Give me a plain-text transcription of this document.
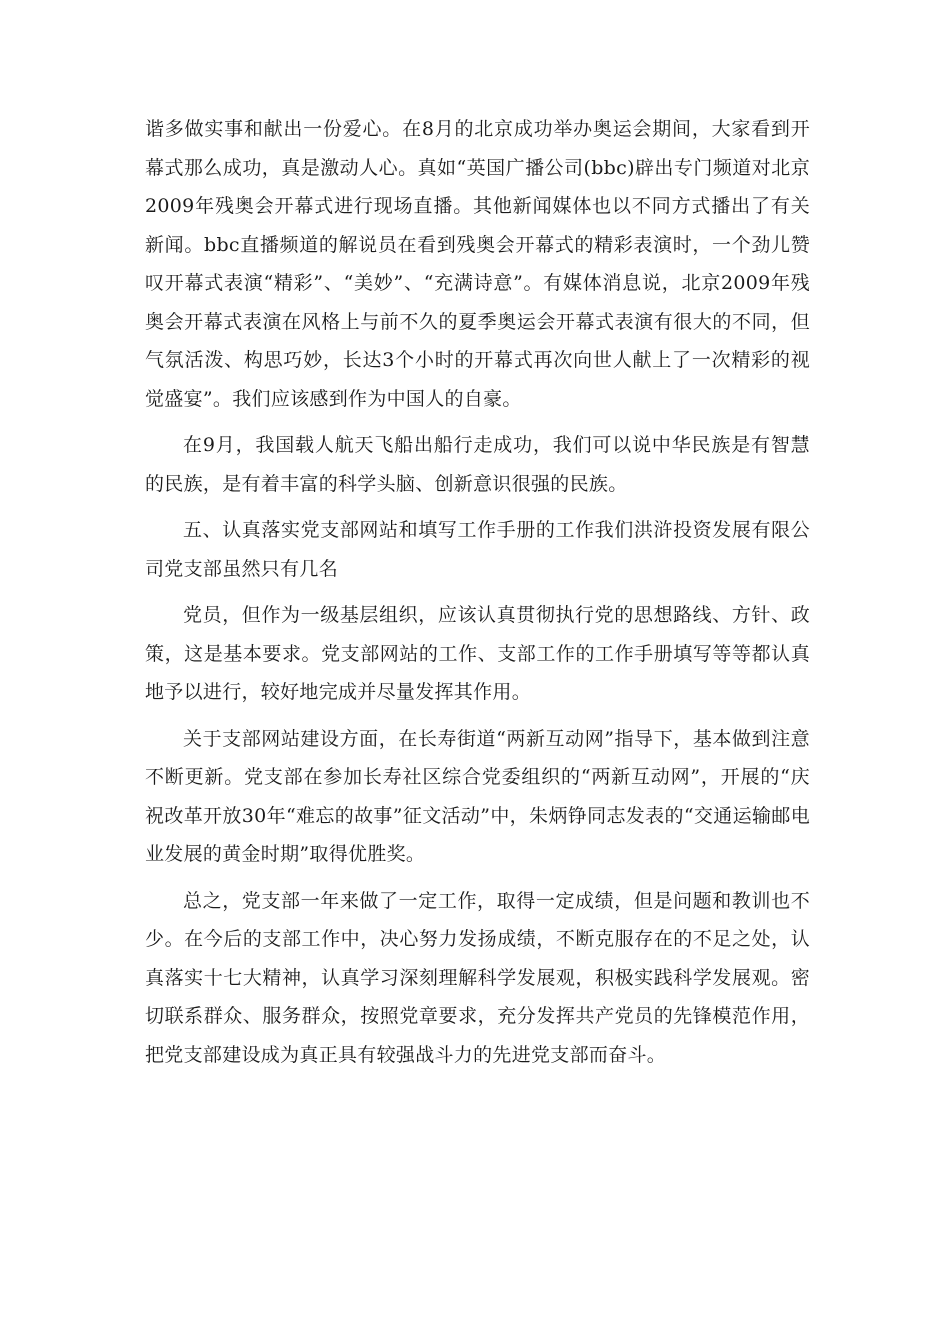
谐多做实事和献出一份爱心。在8月的北京成功举办奥运会期间，大家看到开幕式那么成功，真是激动人心。真如“英国广播公司(bbc)辟出专门频道对北京2009年残奥会开幕式进行现场直播。其他新闻媒体也以不同方式播出了有关新闻。bbc直播频道的解说员在看到残奥会开幕式的精彩表演时，一个劲儿赞叹开幕式表演“精彩”、“美妙”、“充满诗意”。有媒体消息说，北京2009年残奥会开幕式表演在风格上与前不久的夏季奥运会开幕式表演有很大的不同，但气氛活泼、构思巧妙，长达3个小时的开幕式再次向世人献上了一次精彩的视觉盛宴”。我们应该感到作为中国人的自豪。

在9月，我国载人航天飞船出船行走成功，我们可以说中华民族是有智慧的民族，是有着丰富的科学头脑、创新意识很强的民族。

五、认真落实党支部网站和填写工作手册的工作我们洪浒投资发展有限公司党支部虽然只有几名

党员，但作为一级基层组织，应该认真贯彻执行党的思想路线、方针、政策，这是基本要求。党支部网站的工作、支部工作的工作手册填写等等都认真地予以进行，较好地完成并尽量发挥其作用。

关于支部网站建设方面，在长寿街道“两新互动网”指导下，基本做到注意不断更新。党支部在参加长寿社区综合党委组织的“两新互动网”，开展的“庆祝改革开放30年“难忘的故事”征文活动”中，朱炳铮同志发表的“交通运输邮电业发展的黄金时期”取得优胜奖。

总之，党支部一年来做了一定工作，取得一定成绩，但是问题和教训也不少。在今后的支部工作中，决心努力发扬成绩，不断克服存在的不足之处，认真落实十七大精神，认真学习深刻理解科学发展观，积极实践科学发展观。密切联系群众、服务群众，按照党章要求，充分发挥共产党员的先锋模范作用，把党支部建设成为真正具有较强战斗力的先进党支部而奋斗。
